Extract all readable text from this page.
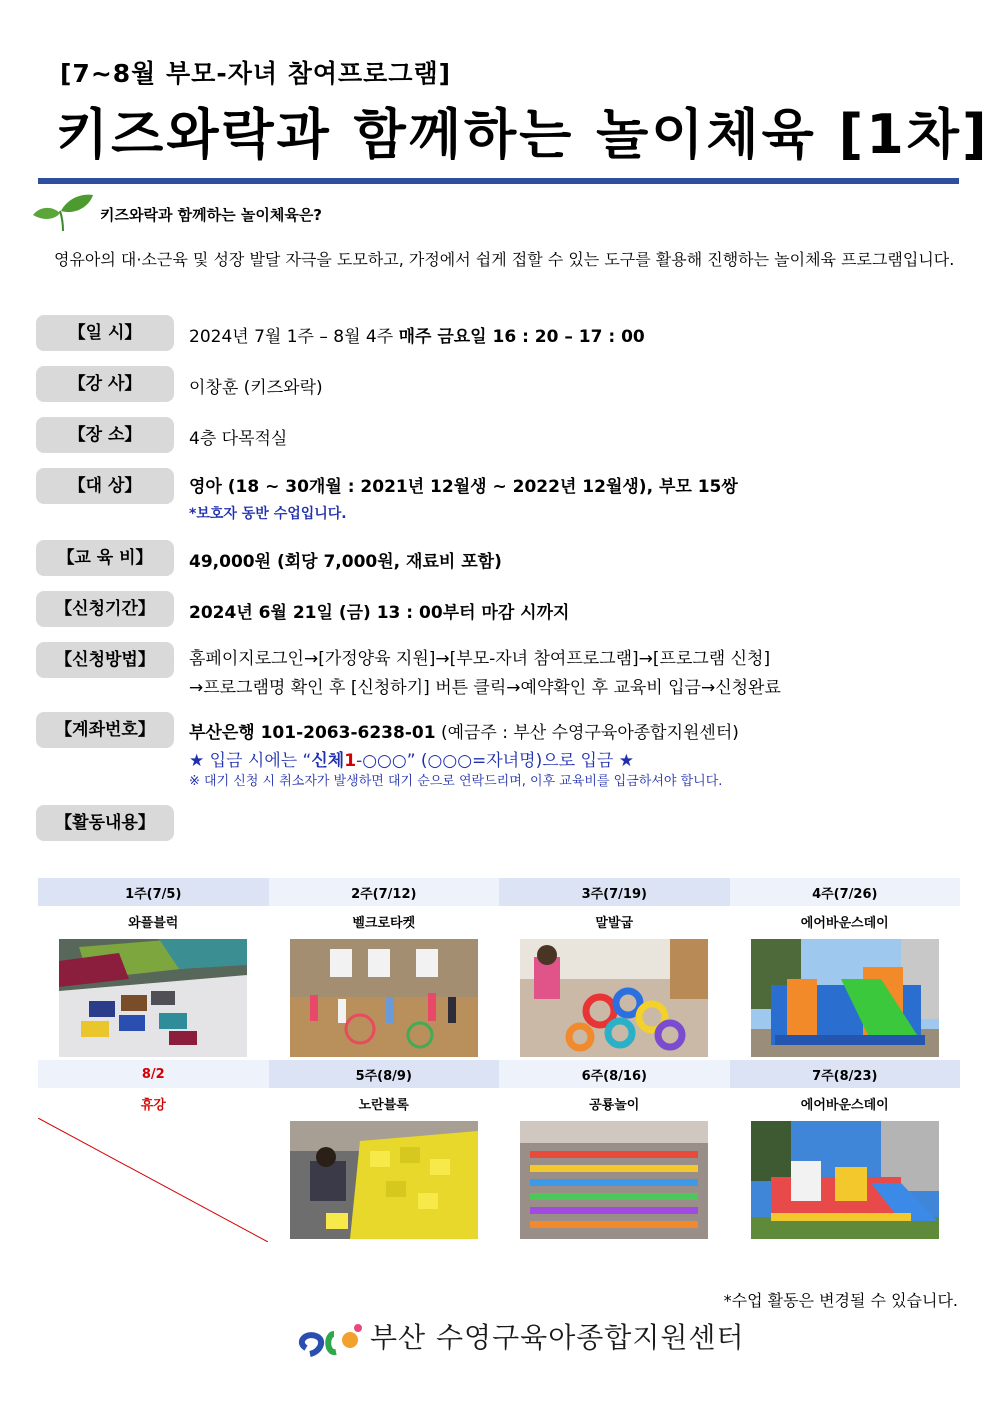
[7~8월 부모-자녀 참여프로그램]
키즈와락과 함께하는 놀이체육 [1차]
키즈와락과 함께하는 놀이체육은?
영유아의 대·소근육 및 성장 발달 자극을 도모하고, 가정에서 쉽게 접할 수 있는 도구를 활용해 진행하는 놀이체육 프로그램입니다.
【일 시】	2024년 7월 1주 – 8월 4주 매주 금요일 16 : 20 – 17 : 00
【강 사】	이창훈 (키즈와락)
【장 소】	4층 다목적실
【대 상】	영아 (18 ~ 30개월 : 2021년 12월생 ~ 2022년 12월생), 부모 15쌍
*보호자 동반 수업입니다.
【교 육 비】	49,000원 (회당 7,000원, 재료비 포함)
【신청기간】	2024년 6월 21일 (금) 13 : 00부터 마감 시까지
【신청방법】	홈페이지로그인→[가정양육 지원]→[부모-자녀 참여프로그램]→[프로그램 신청]
→프로그램명 확인 후 [신청하기] 버튼 클릭→예약확인 후 교육비 입금→신청완료
【계좌번호】	부산은행 101-2063-6238-01 (예금주 : 부산 수영구육아종합지원센터)
★ 입금 시에는 “신체1-○○○” (○○○=자녀명)으로 입금 ★
※ 대기 신청 시 취소자가 발생하면 대기 순으로 연락드리며, 이후 교육비를 입금하셔야 합니다.
【활동내용】
1주(7/5)	2주(7/12)	3주(7/19)	4주(7/26)
와플블럭	벨크로타켓	말발굽	에어바운스데이

8/2	5주(8/9)	6주(8/16)	7주(8/23)
휴강	노란블록	공룡놀이	에어바운스데이

*수업 활동은 변경될 수 있습니다.
부산 수영구육아종합지원센터
